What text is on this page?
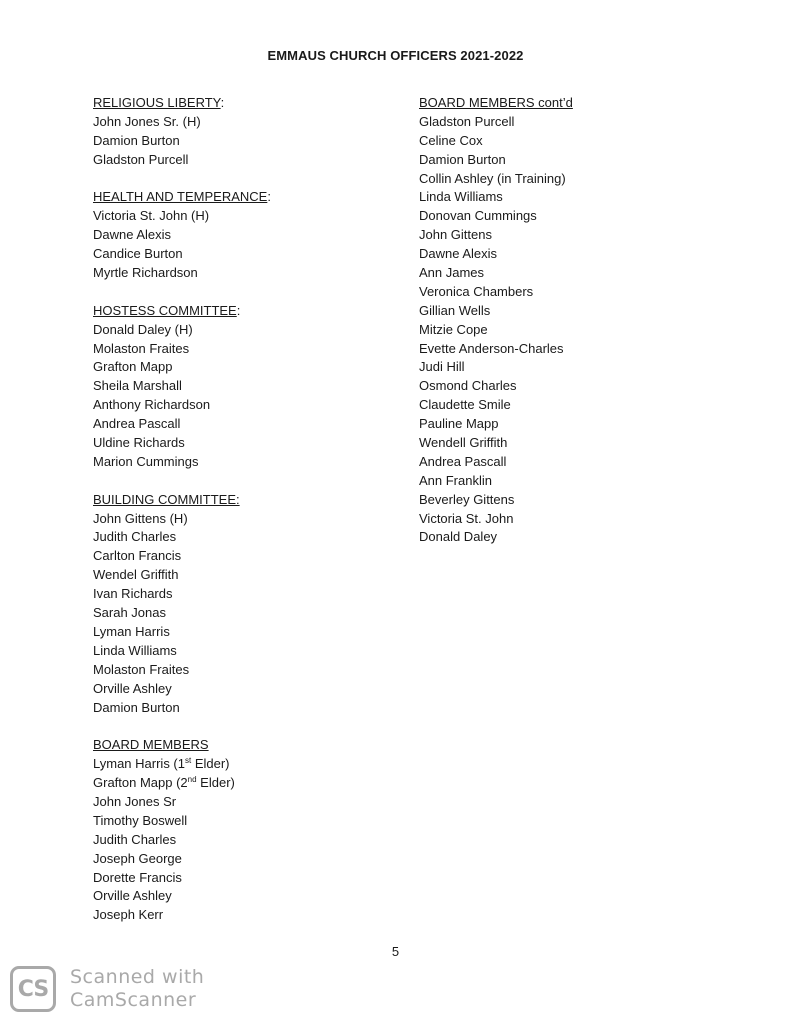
EMMAUS CHURCH OFFICERS 2021-2022
RELIGIOUS LIBERTY:
John Jones Sr. (H)
Damion Burton
Gladston Purcell
HEALTH AND TEMPERANCE:
Victoria St. John (H)
Dawne Alexis
Candice Burton
Myrtle Richardson
HOSTESS COMMITTEE:
Donald Daley (H)
Molaston Fraites
Grafton Mapp
Sheila Marshall
Anthony Richardson
Andrea Pascall
Uldine Richards
Marion Cummings
BUILDING COMMITTEE:
John Gittens (H)
Judith Charles
Carlton Francis
Wendel Griffith
Ivan Richards
Sarah Jonas
Lyman Harris
Linda Williams
Molaston Fraites
Orville Ashley
Damion Burton
BOARD MEMBERS
Lyman Harris (1st Elder)
Grafton Mapp (2nd Elder)
John Jones Sr
Timothy Boswell
Judith Charles
Joseph George
Dorette Francis
Orville Ashley
Joseph Kerr
BOARD MEMBERS cont’d
Gladston Purcell
Celine Cox
Damion Burton
Collin Ashley (in Training)
Linda Williams
Donovan Cummings
John Gittens
Dawne Alexis
Ann James
Veronica Chambers
Gillian Wells
Mitzie Cope
Evette Anderson-Charles
Judi Hill
Osmond Charles
Claudette Smile
Pauline Mapp
Wendell Griffith
Andrea Pascall
Ann Franklin
Beverley Gittens
Victoria St. John
Donald Daley
5
CS	Scanned with
CamScanner
